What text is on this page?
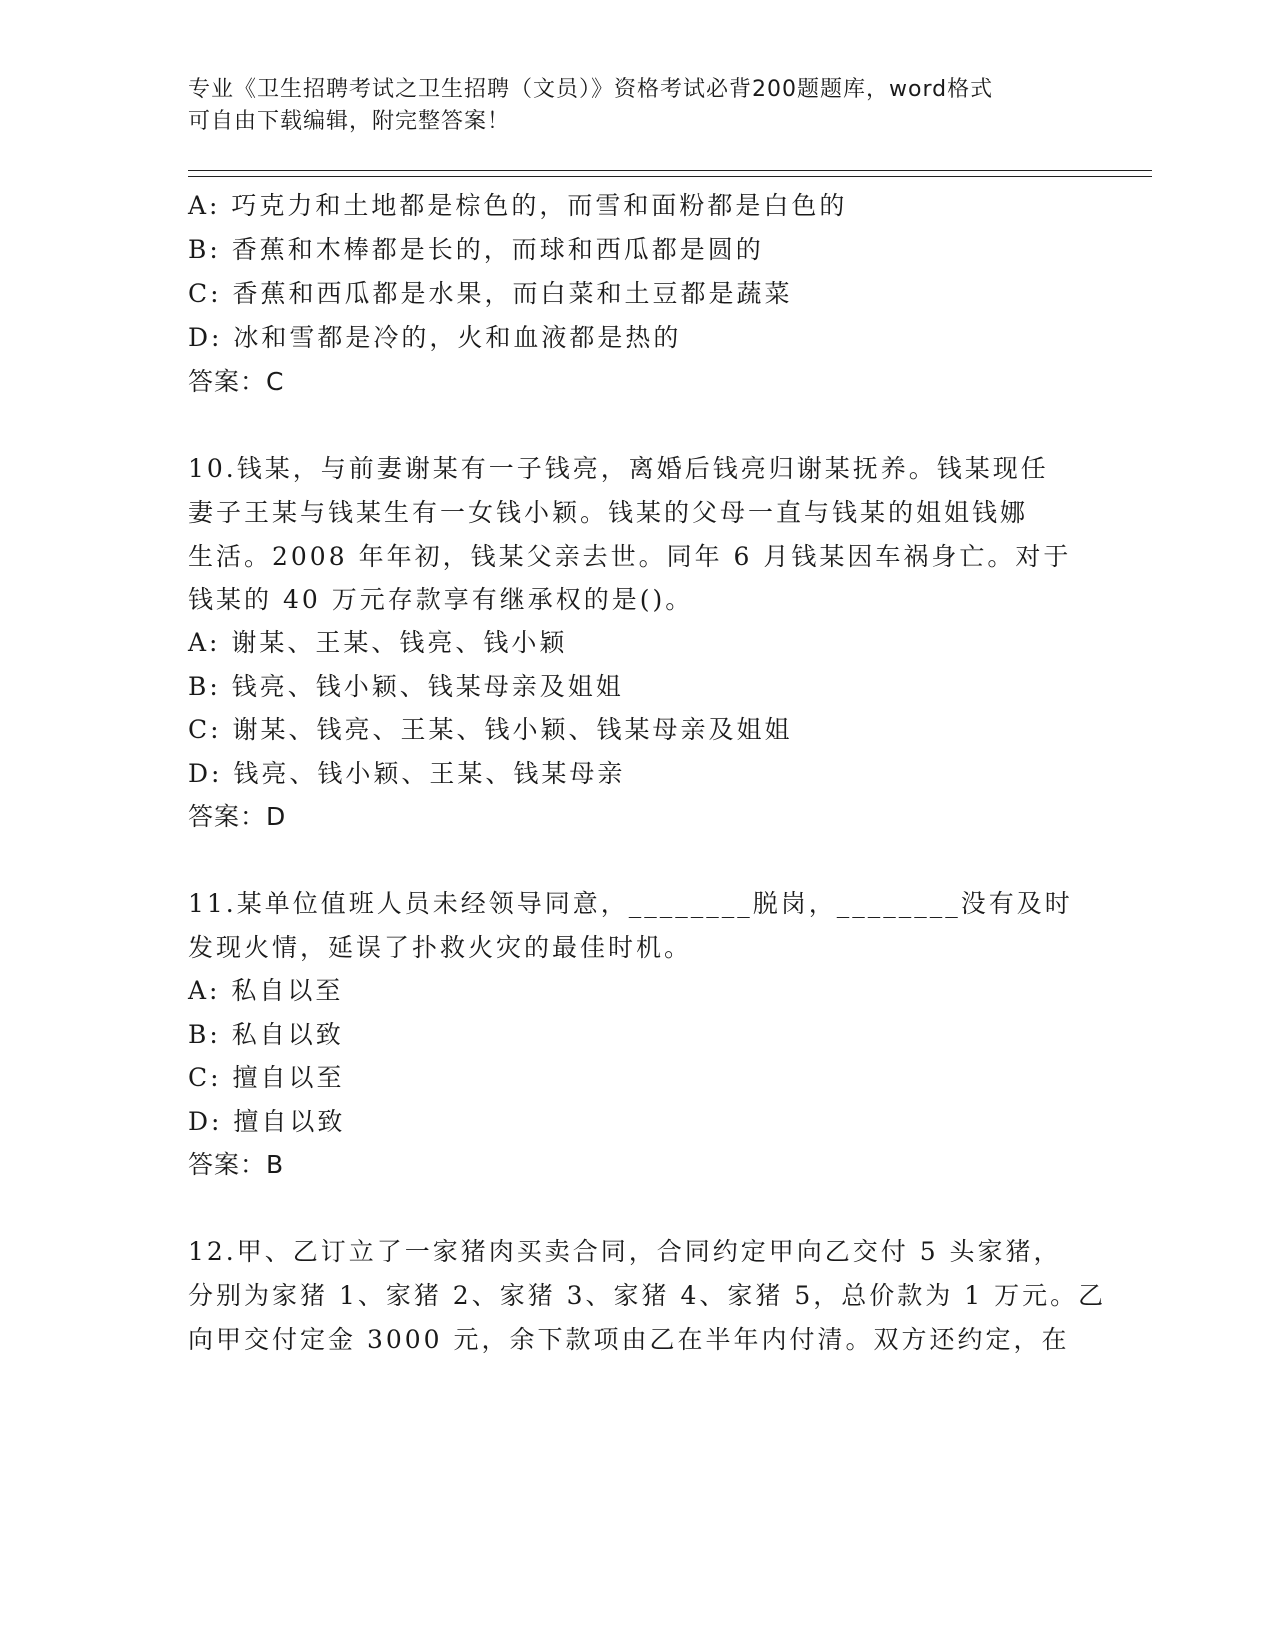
专业《卫生招聘考试之卫生招聘（文员）》资格考试必背200题题库，word格式
可自由下载编辑，附完整答案！
A: 巧克力和土地都是棕色的，而雪和面粉都是白色的
B: 香蕉和木棒都是长的，而球和西瓜都是圆的
C: 香蕉和西瓜都是水果，而白菜和土豆都是蔬菜
D: 冰和雪都是冷的，火和血液都是热的
答案：C
10.钱某，与前妻谢某有一子钱亮，离婚后钱亮归谢某抚养。钱某现任
妻子王某与钱某生有一女钱小颖。钱某的父母一直与钱某的姐姐钱娜
生活。2008 年年初，钱某父亲去世。同年 6 月钱某因车祸身亡。对于
钱某的 40 万元存款享有继承权的是()。
A: 谢某、王某、钱亮、钱小颖
B: 钱亮、钱小颖、钱某母亲及姐姐
C: 谢某、钱亮、王某、钱小颖、钱某母亲及姐姐
D: 钱亮、钱小颖、王某、钱某母亲
答案：D
11.某单位值班人员未经领导同意，________脱岗，________没有及时
发现火情，延误了扑救火灾的最佳时机。
A: 私自以至
B: 私自以致
C: 擅自以至
D: 擅自以致
答案：B
12.甲、乙订立了一家猪肉买卖合同，合同约定甲向乙交付 5 头家猪，
分别为家猪 1、家猪 2、家猪 3、家猪 4、家猪 5，总价款为 1 万元。乙
向甲交付定金 3000 元，余下款项由乙在半年内付清。双方还约定，在
